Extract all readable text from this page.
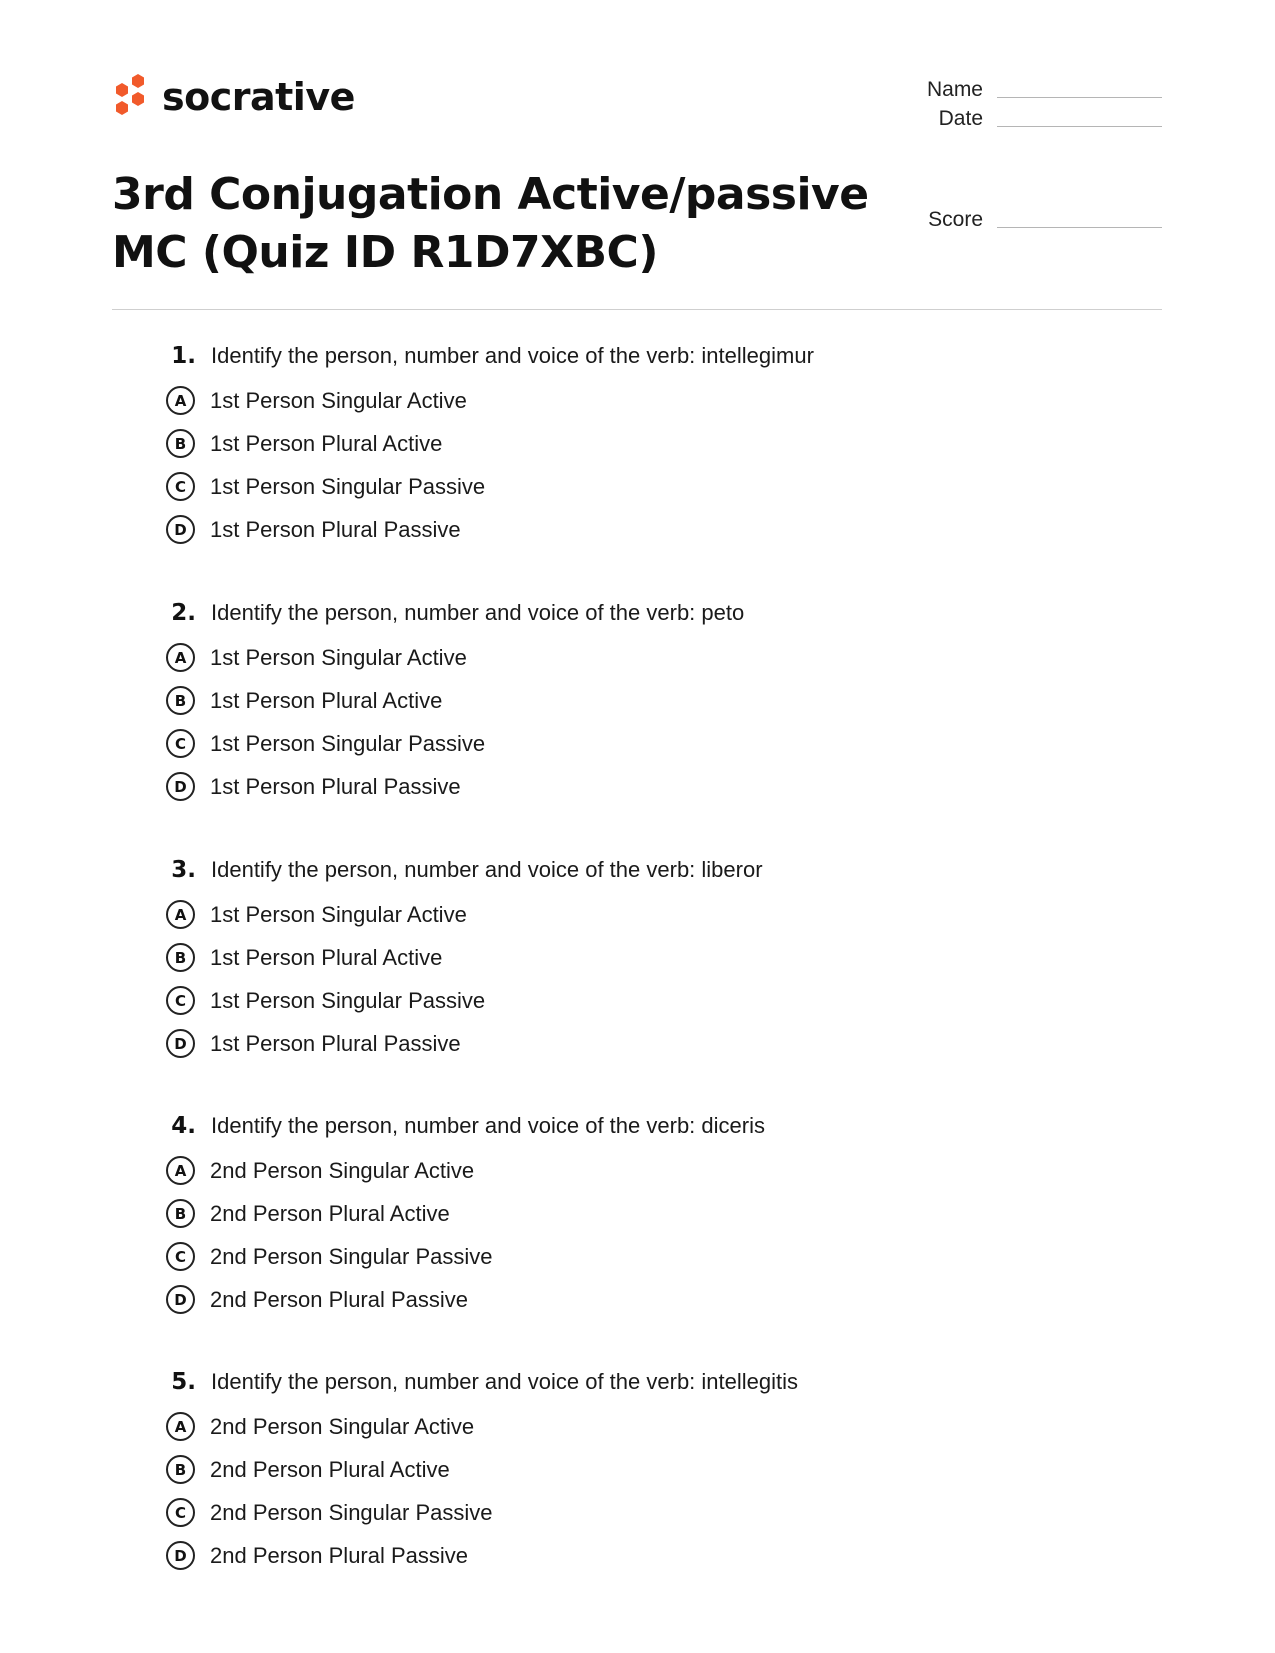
socrative	Name
Date
Score
3rd Conjugation Active/passive
MC (Quiz ID R1D7XBC)
1. Identify the person, number and voice of the verb: intellegimur
A	1st Person Singular Active
B	1st Person Plural Active
C	1st Person Singular Passive
D	1st Person Plural Passive
2. Identify the person, number and voice of the verb: peto
A	1st Person Singular Active
B	1st Person Plural Active
C	1st Person Singular Passive
D	1st Person Plural Passive
3. Identify the person, number and voice of the verb: liberor
A	1st Person Singular Active
B	1st Person Plural Active
C	1st Person Singular Passive
D	1st Person Plural Passive
4. Identify the person, number and voice of the verb: diceris
A	2nd Person Singular Active
B	2nd Person Plural Active
C	2nd Person Singular Passive
D	2nd Person Plural Passive
5. Identify the person, number and voice of the verb: intellegitis
A	2nd Person Singular Active
B	2nd Person Plural Active
C	2nd Person Singular Passive
D	2nd Person Plural Passive
